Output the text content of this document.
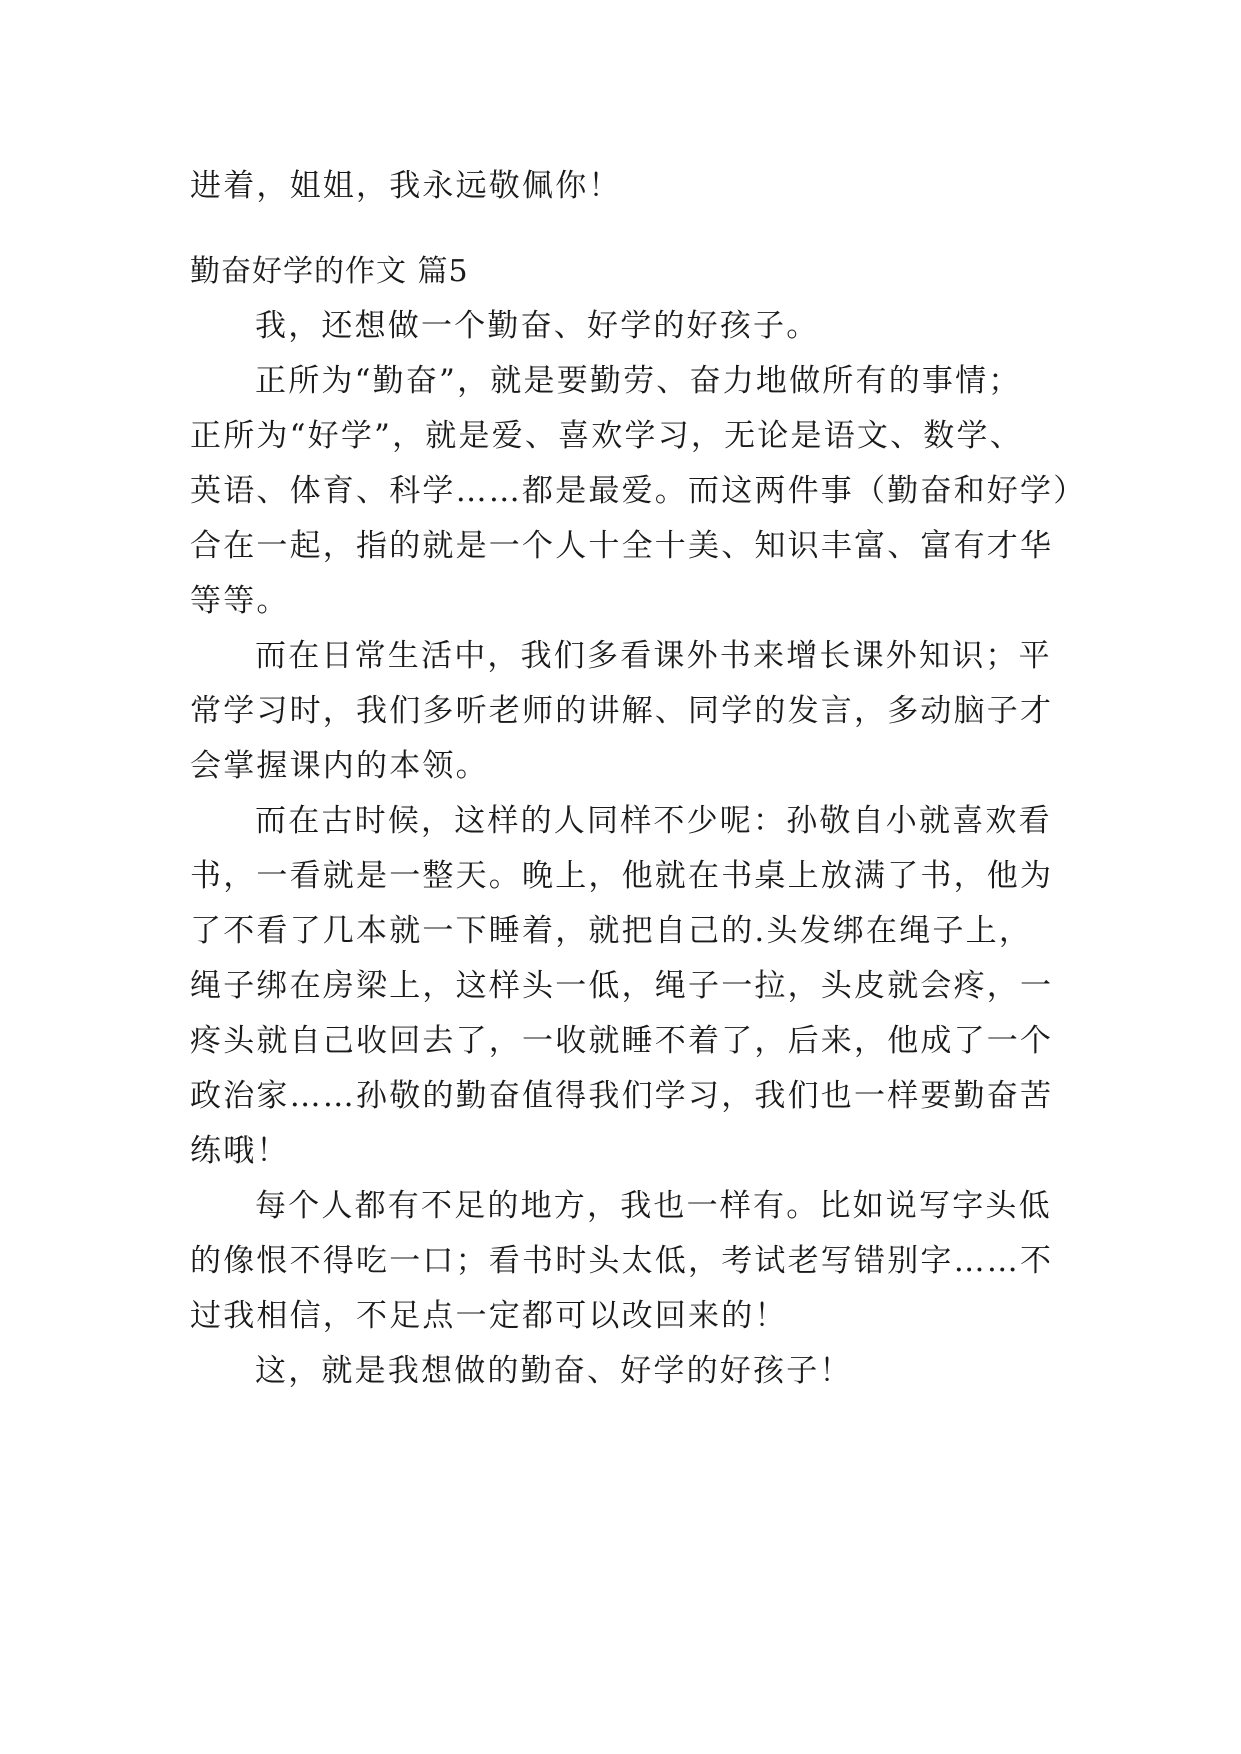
进着，姐姐，我永远敬佩你！
勤奋好学的作文 篇5
我，还想做一个勤奋、好学的好孩子。
正所为“勤奋”，就是要勤劳、奋力地做所有的事情；
正所为“好学”，就是爱、喜欢学习，无论是语文、数学、
英语、体育、科学……都是最爱。而这两件事（勤奋和好学）
合在一起，指的就是一个人十全十美、知识丰富、富有才华
等等。
而在日常生活中，我们多看课外书来增长课外知识；平
常学习时，我们多听老师的讲解、同学的发言，多动脑子才
会掌握课内的本领。
而在古时候，这样的人同样不少呢：孙敬自小就喜欢看
书，一看就是一整天。晚上，他就在书桌上放满了书，他为
了不看了几本就一下睡着，就把自己的.头发绑在绳子上，
绳子绑在房梁上，这样头一低，绳子一拉，头皮就会疼，一
疼头就自己收回去了，一收就睡不着了，后来，他成了一个
政治家……孙敬的勤奋值得我们学习，我们也一样要勤奋苦
练哦！
每个人都有不足的地方，我也一样有。比如说写字头低
的像恨不得吃一口；看书时头太低，考试老写错别字……不
过我相信，不足点一定都可以改回来的！
这，就是我想做的勤奋、好学的好孩子！
